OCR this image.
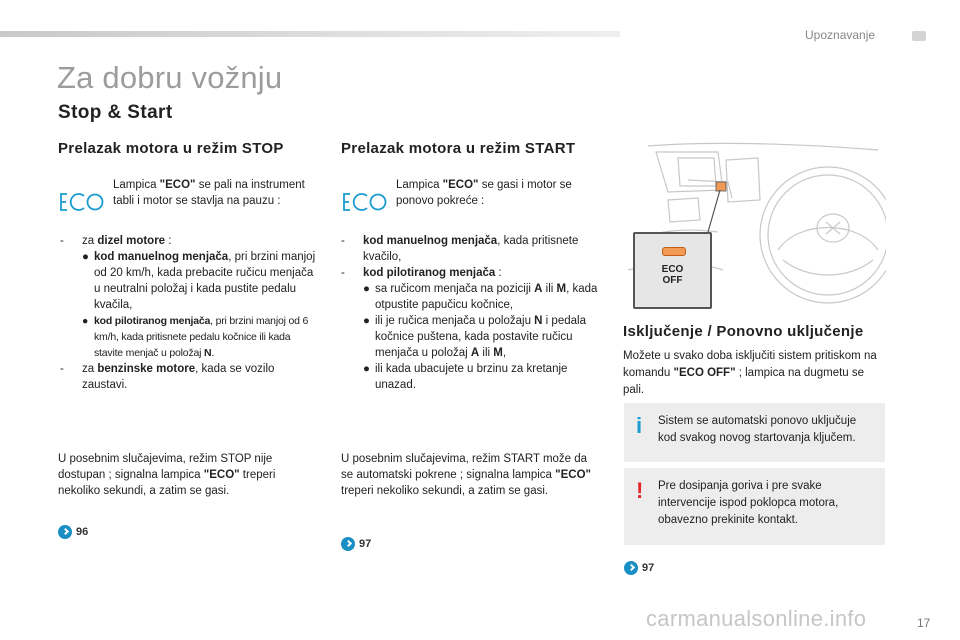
Upoznavanje
Za dobru vožnju
Stop & Start
Prelazak motora u režim STOP
Lampica "ECO" se pali na instrument tabli i motor se stavlja na pauzu :
-	za dizel motore :
● kod manuelnog menjača, pri brzini manjoj od 20 km/h, kada prebacite ručicu menjača u neutralni položaj i kada pustite pedalu kvačila,
● kod pilotiranog menjača, pri brzini manjoj od 6 km/h, kada pritisnete pedalu kočnice ili kada stavite menjač u položaj N.
-	za benzinske motore, kada se vozilo zaustavi.
U posebnim slučajevima, režim STOP nije dostupan ; signalna lampica "ECO" treperi nekoliko sekundi, a zatim se gasi.
96
Prelazak motora u režim START
Lampica "ECO" se gasi i motor se ponovo pokreće :
-	kod manuelnog menjača, kada pritisnete kvačilo,
-	kod pilotiranog menjača :
● sa ručicom menjača na poziciji A ili M, kada otpustite papučicu kočnice,
● ili je ručica menjača u položaju N i pedala kočnice puštena, kada postavite ručicu menjača u položaj A ili M,
● ili kada ubacujete u brzinu za kretanje unazad.
U posebnim slučajevima, režim START može da se automatski pokrene ; signalna lampica "ECO" treperi nekoliko sekundi, a zatim se gasi.
97
ECO
OFF
Isključenje / Ponovno uključenje
Možete u svako doba isključiti sistem pritiskom na komandu "ECO OFF" ; lampica na dugmetu se pali.
i Sistem se automatski ponovo uključuje kod svakog novog startovanja ključem.
! Pre dosipanja goriva i pre svake intervencije ispod poklopca motora, obavezno prekinite kontakt.
97
carmanualsonline.info	17
